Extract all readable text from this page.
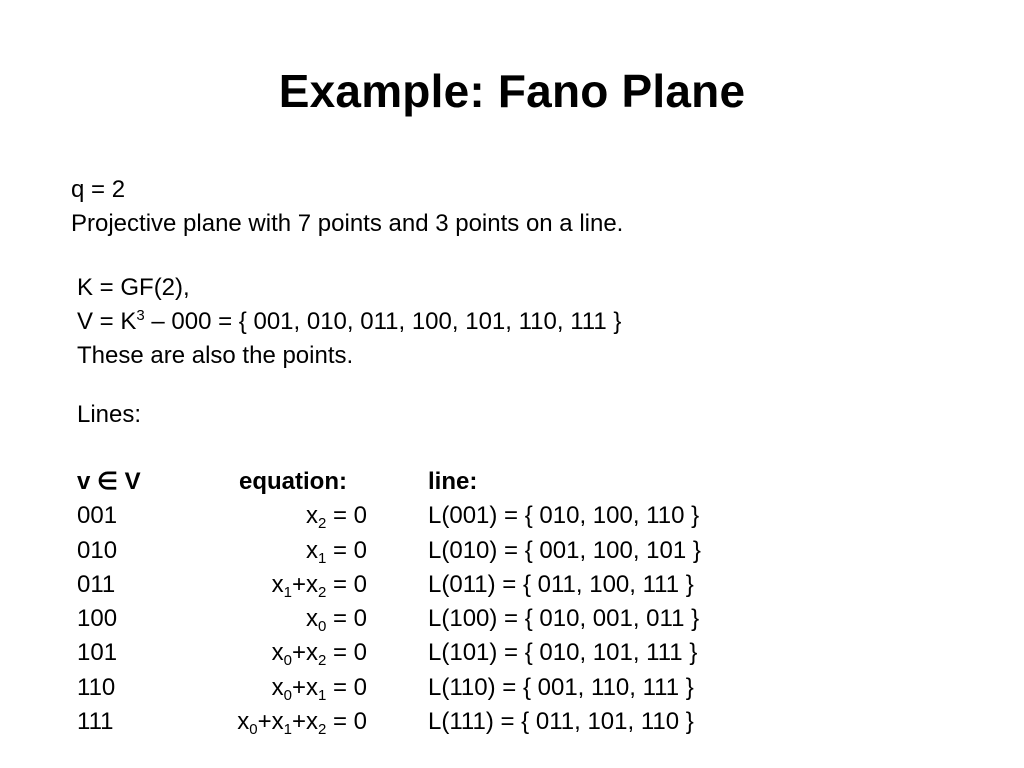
Example: Fano Plane
q = 2
Projective plane with 7 points and 3 points on a line.
K = GF(2),
$V = K^3 - 000$ = { 001, 010, 011, 100, 101, 110, 111 }
These are also the points.
Lines:
v ∈ V	equation:	line:
001	$x_2 = 0$	L(001) = { 010, 100, 110 }
010	$x_1 = 0$	L(010) = { 001, 100, 101 }
011	$x_1+x_2 = 0$	L(011) = { 011, 100, 111 }
100	$x_0 = 0$	L(100) = { 010, 001, 011 }
101	$x_0+x_2 = 0$	L(101) = { 010, 101, 111 }
110	$x_0+x_1 = 0$	L(110) = { 001, 110, 111 }
111	$x_0+x_1+x_2 = 0$	L(111) = { 011, 101, 110 }
